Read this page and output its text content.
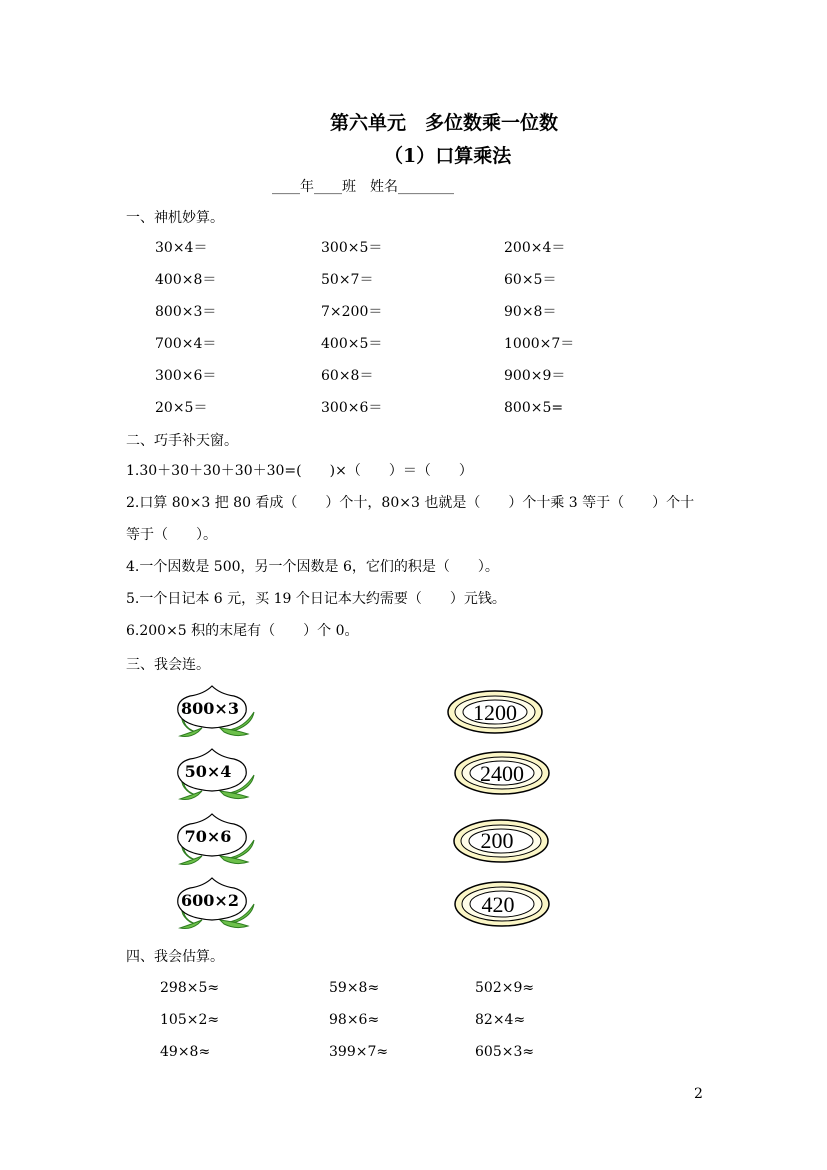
第六单元　多位数乘一位数
（1）口算乘法
____年____班　姓名________
一、神机妙算。
30×4＝	300×5＝	200×4＝
400×8＝	50×7＝	60×5＝
800×3＝	7×200＝	90×8＝
700×4＝	400×5＝	1000×7＝
300×6＝	60×8＝	900×9＝
20×5＝	300×6＝	800×5=
二、巧手补天窗。
1.30＋30＋30＋30＋30=(　　)×（　　）＝（　　）
2.口算 80×3 把 80 看成（　　）个十，80×3 也就是（　　）个十乘 3 等于（　　）个十
等于（　　）。
4.一个因数是 500，另一个因数是 6，它们的积是（　　）。
5.一个日记本 6 元，买 19 个日记本大约需要（　　）元钱。
6.200×5 积的末尾有（　　）个 0。
三、我会连。
800×3
50×4
70×6
600×2
1200
2400
200
420
四、我会估算。
298×5≈	59×8≈	502×9≈
105×2≈	98×6≈	82×4≈
49×8≈	399×7≈	605×3≈
2
